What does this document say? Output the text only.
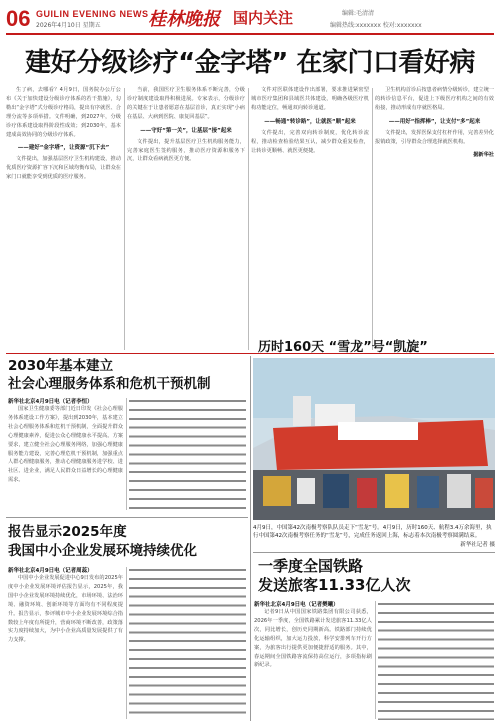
06 GUILIN EVENING NEWS
2026年4月10日 星期五	桂林晚报 国内关注	编辑:毛清清
编辑热线:xxxxxxx 校对:xxxxxxx
建好分级诊疗“金字塔” 在家门口看好病

生了病，去哪看？4月9日，国务院办公厅公布《关于加快建设分级诊疗体系的若干措施》，勾勒出“金字塔”式分级诊疗格局，提出有序就医、合理分流等多项举措。文件明确，到2027年，分级诊疗体系建设取得阶段性成效；到2030年，基本建成高效协同的分级诊疗体系。

——建好“金字塔”，让资源“沉下去”

文件提出，加强基层医疗卫生机构建设，推动优质医疗资源扩容下沉和区域均衡布局，让群众在家门口就能享受到优质的医疗服务。

当前，我国医疗卫生服务体系不断完善，分级诊疗制度建设取得积极进展。专家表示，分级诊疗的关键在于让患者愿意在基层首诊，真正实现“小病在基层、大病到医院、康复回基层”。

——守好“第一关”，让基层“接”起来

文件提出，提升基层医疗卫生机构服务能力，完善家庭医生签约服务，推动医疗资源和服务下沉，让群众看病就医更方便。

文件对医联体建设作出部署，要求推进紧密型城市医疗集团和县域医共体建设，明确各级医疗机构功能定位，畅通双向转诊通道。

——畅通“转诊路”，让就医“顺”起来

文件提出，完善双向转诊制度，优化转诊流程，推动检查检验结果互认，减少群众重复检查，让转诊更顺畅、就医更便捷。

卫生机构首诊后按患者病情分级转诊，建立统一的转诊信息平台，促进上下级医疗机构之间的有效衔接，推动形成有序就医格局。

——用好“指挥棒”，让支付“多”起来

文件提出，发挥医保支付杠杆作用，完善差异化报销政策，引导群众合理选择就医机构。

据新华社
2030年基本建立
社会心理服务体系和危机干预机制
新华社北京4月9日电（记者李恒）

国家卫生健康委等部门近日印发《社会心理服务体系建设工作方案》，提出到2030年，基本建立社会心理服务体系和危机干预机制，全面提升群众心理健康素养，促进公众心理健康水平提高。方案要求，建立健全社会心理服务网络，加强心理健康服务能力建设，完善心理危机干预机制，加强重点人群心理健康服务，推动心理健康服务进学校、进社区、进企业，满足人民群众日益增长的心理健康需求。

报告显示2025年度
我国中小企业发展环境持续优化
新华社北京4月9日电（记者周蕊）

中国中小企业发展促进中心9日发布的2025年度中小企业发展环境评估报告显示，2025年，我国中小企业发展环境持续优化，市场环境、法治环境、融资环境、创新环境等方面均有不同程度提升。报告显示，参评城市中小企业发展环境综合指数较上年度有所提升，营商环境不断改善，政策落实力度持续加大，为中小企业高质量发展提供了有力支撑。

历时160天 “雪龙”号“凯旋”
4月9日，中国第42次南极考察队队员走下“雪龙”号。4月9日，历时160天、航程3.4万余海里，执行中国第42次南极考察任务的“雪龙”号，完成任务返回上海，标志着本次南极考察圆满结束。
新华社记者 摄
一季度全国铁路
发送旅客11.33亿人次
新华社北京4月9日电（记者樊曦）

记者9日从中国国家铁路集团有限公司获悉，2026年一季度，全国铁路累计发送旅客11.33亿人次，同比增长，创历史同期新高。铁路部门持续优化运输组织，加大运力投放，科学安排列车开行方案，为旅客出行提供更加便捷舒适的服务。其中，春运期间全国铁路客流保持高位运行，多项指标刷新纪录。
